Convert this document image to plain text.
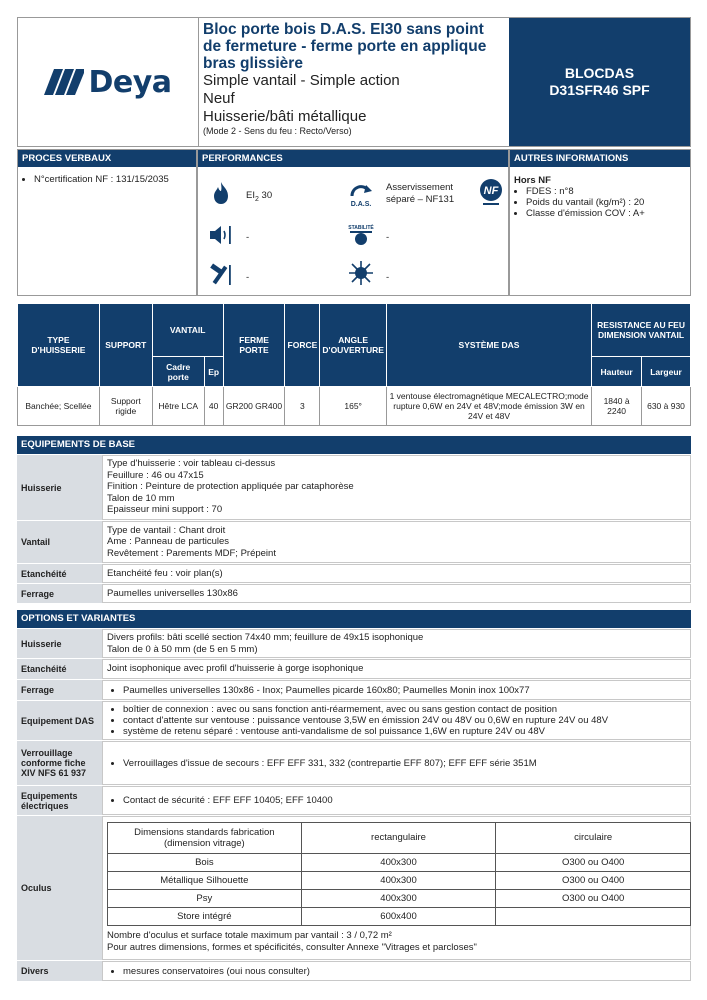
Deya
Bloc porte bois D.A.S. EI30 sans point de fermeture - ferme porte en applique bras glissière
Simple vantail - Simple action
Neuf
Huisserie/bâti métallique
(Mode 2 - Sens du feu : Recto/Verso)
BLOCDAS
D31SFR46 SPF
PROCES VERBAUX
• N°certification NF : 131/15/2035
PERFORMANCES
$EI_2$ 30
D.A.S.
Asservissement séparé – NF131
NF
-
STABILITÉ
-
-	-
AUTRES INFORMATIONS
Hors NF
• FDES : n°8
• Poids du vantail (kg/m²) : 20
• Classe d'émission COV : A+
TYPE D'HUISSERIE	SUPPORT	VANTAIL		FERME PORTE	FORCE	ANGLE D'OUVERTURE	SYSTÈME DAS	RESISTANCE AU FEU DIMENSION VANTAIL	
		Cadre porte	Ep					Hauteur	Largeur
Banchée; Scellée	Support rigide	Hêtre LCA	40	GR200 GR400	3	165°	1 ventouse électromagnétique MECALECTRO;mode rupture 0,6W en 24V et 48V;mode émission 3W en 24V et 48V	1840 à 2240	630 à 930
EQUIPEMENTS DE BASE
Huisserie
Type d'huisserie : voir tableau ci-dessus
Feuillure : 46 ou 47x15
Finition : Peinture de protection appliquée par cataphorèse
Talon de 10 mm
Epaisseur mini support : 70
Vantail
Type de vantail : Chant droit
Ame : Panneau de particules
Revêtement : Parements MDF; Prépeint
Etanchéité	Etanchéité feu : voir plan(s)
Ferrage	Paumelles universelles 130x86
OPTIONS ET VARIANTES
Huisserie
Divers profils: bâti scellé section 74x40 mm; feuillure de 49x15 isophonique
Talon de 0 à 50 mm (de 5 en 5 mm)
Etanchéité	Joint isophonique avec profil d'huisserie à gorge isophonique
Ferrage	• Paumelles universelles 130x86 - Inox; Paumelles picarde 160x80; Paumelles Monin inox 100x77
Equipement DAS
• boîtier de connexion : avec ou sans fonction anti-réarmement, avec ou sans gestion contact de position
• contact d'attente sur ventouse : puissance ventouse 3,5W en émission 24V ou 48V ou 0,6W en rupture 24V ou 48V
• système de retenu séparé : ventouse anti-vandalisme de sol puissance 1,6W en rupture 24V ou 48V
Verrouillage conforme fiche XIV NFS 61 937
• Verrouillages d'issue de secours : EFF EFF 331, 332 (contrepartie EFF 807); EFF EFF série 351M
Equipements électriques	• Contact de sécurité : EFF EFF 10405; EFF 10400
Oculus
Dimensions standards fabrication (dimension vitrage)	rectangulaire	circulaire
Bois	400x300	O300 ou O400
Métallique Silhouette	400x300	O300 ou O400
Psy	400x300	O300 ou O400
Store intégré	600x400	
Nombre d'oculus et surface totale maximum par vantail : 3 / 0,72 m²
Pour autres dimensions, formes et spécificités, consulter Annexe "Vitrages et parcloses"
Divers	• mesures conservatoires (oui nous consulter)
